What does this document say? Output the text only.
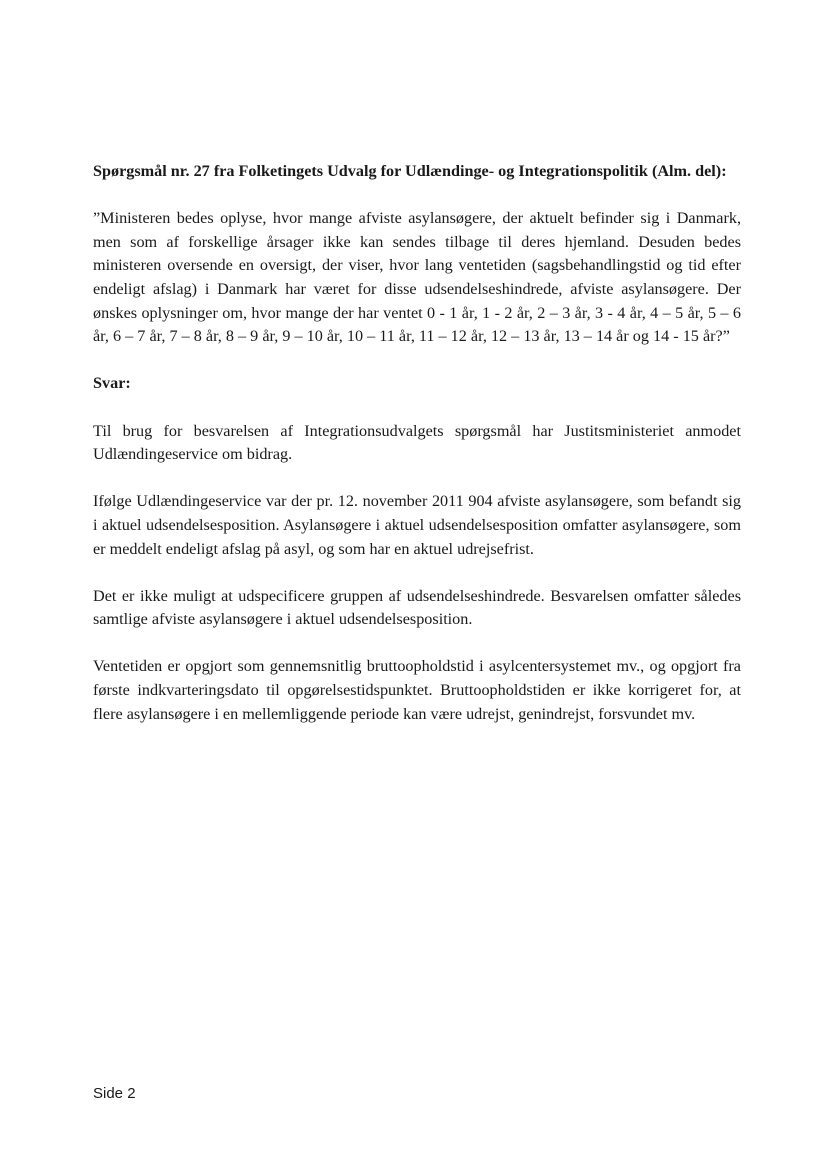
Spørgsmål nr. 27 fra Folketingets Udvalg for Udlændinge- og Integrationspolitik (Alm. del):

”Ministeren bedes oplyse, hvor mange afviste asylansøgere, der aktuelt befinder sig i Danmark, men som af forskellige årsager ikke kan sendes tilbage til deres hjemland. Desuden bedes ministeren oversende en oversigt, der viser, hvor lang ventetiden (sagsbehandlingstid og tid efter endeligt afslag) i Danmark har været for disse udsendelseshindrede, afviste asylansøgere. Der ønskes oplysninger om, hvor mange der har ventet 0 - 1 år, 1 - 2 år, 2 – 3 år, 3 - 4 år, 4 – 5 år, 5 – 6 år, 6 – 7 år, 7 – 8 år, 8 – 9 år, 9 – 10 år, 10 – 11 år, 11 – 12 år, 12 – 13 år, 13 – 14 år og 14 - 15 år?”

Svar:

Til brug for besvarelsen af Integrationsudvalgets spørgsmål har Justitsministeriet anmodet Udlændingeservice om bidrag.

Ifølge Udlændingeservice var der pr. 12. november 2011 904 afviste asylansøgere, som befandt sig i aktuel udsendelsesposition. Asylansøgere i aktuel udsendelsesposition omfatter asylansøgere, som er meddelt endeligt afslag på asyl, og som har en aktuel udrejsefrist.

Det er ikke muligt at udspecificere gruppen af udsendelseshindrede. Besvarelsen omfatter således samtlige afviste asylansøgere i aktuel udsendelsesposition.

Ventetiden er opgjort som gennemsnitlig bruttoopholdstid i asylcentersystemet mv., og opgjort fra første indkvarteringsdato til opgørelsestidspunktet. Bruttoopholdstiden er ikke korrigeret for, at flere asylansøgere i en mellemliggende periode kan være udrejst, genindrejst, forsvundet mv.

Side 2
